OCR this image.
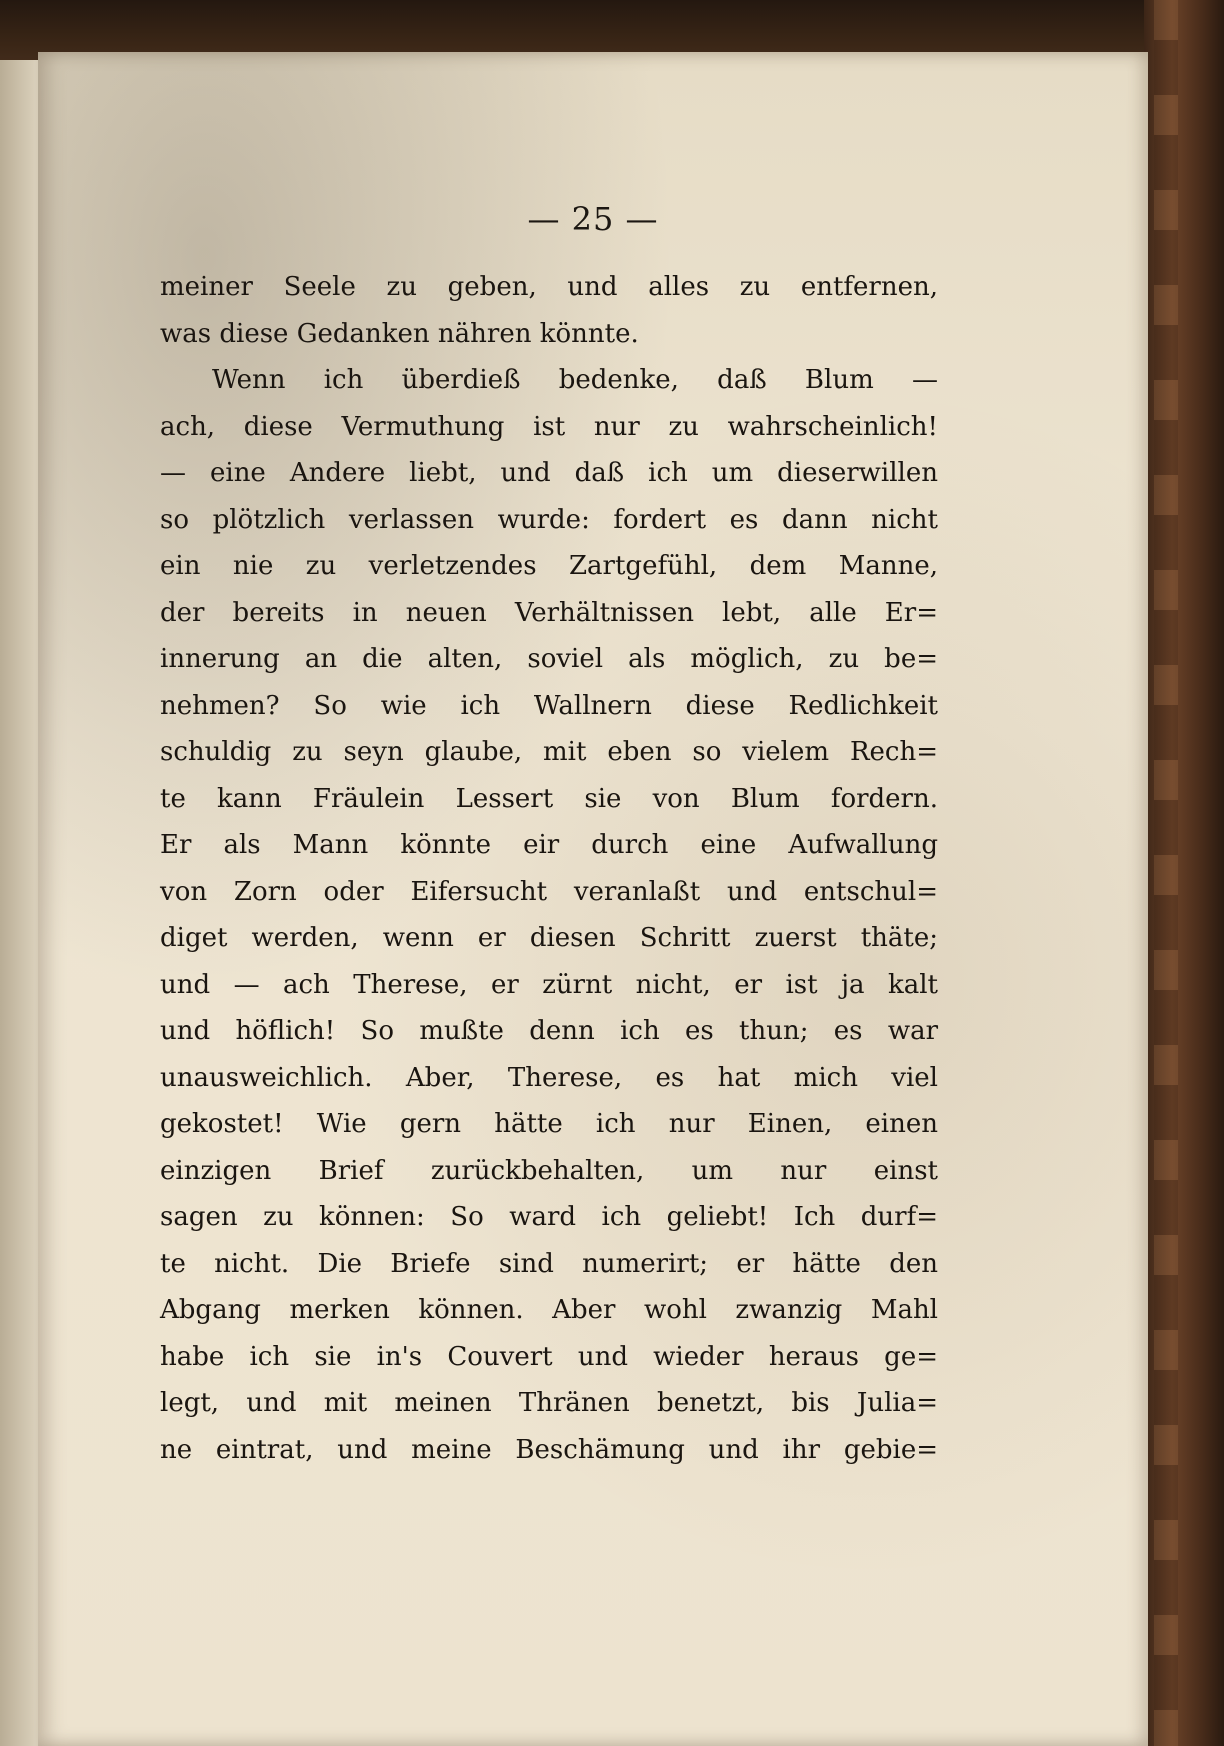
— 25 —
meiner Seele zu geben, und alles zu entfernen,
was diese Gedanken nähren könnte.
Wenn ich überdieß bedenke, daß Blum —
ach, diese Vermuthung ist nur zu wahrscheinlich!
— eine Andere liebt, und daß ich um dieserwillen
so plötzlich verlassen wurde: fordert es dann nicht
ein nie zu verletzendes Zartgefühl, dem Manne,
der bereits in neuen Verhältnissen lebt, alle Er=
innerung an die alten, soviel als möglich, zu be=
nehmen? So wie ich Wallnern diese Redlichkeit
schuldig zu seyn glaube, mit eben so vielem Rech=
te kann Fräulein Lessert sie von Blum fordern.
Er als Mann könnte eir durch eine Aufwallung
von Zorn oder Eifersucht veranlaßt und entschul=
diget werden, wenn er diesen Schritt zuerst thäte;
und — ach Therese, er zürnt nicht, er ist ja kalt
und höflich! So mußte denn ich es thun; es war
unausweichlich. Aber, Therese, es hat mich viel
gekostet! Wie gern hätte ich nur Einen, einen
einzigen Brief zurückbehalten, um nur einst
sagen zu können: So ward ich geliebt! Ich durf=
te nicht. Die Briefe sind numerirt; er hätte den
Abgang merken können. Aber wohl zwanzig Mahl
habe ich sie in's Couvert und wieder heraus ge=
legt, und mit meinen Thränen benetzt, bis Julia=
ne eintrat, und meine Beschämung und ihr gebie=
